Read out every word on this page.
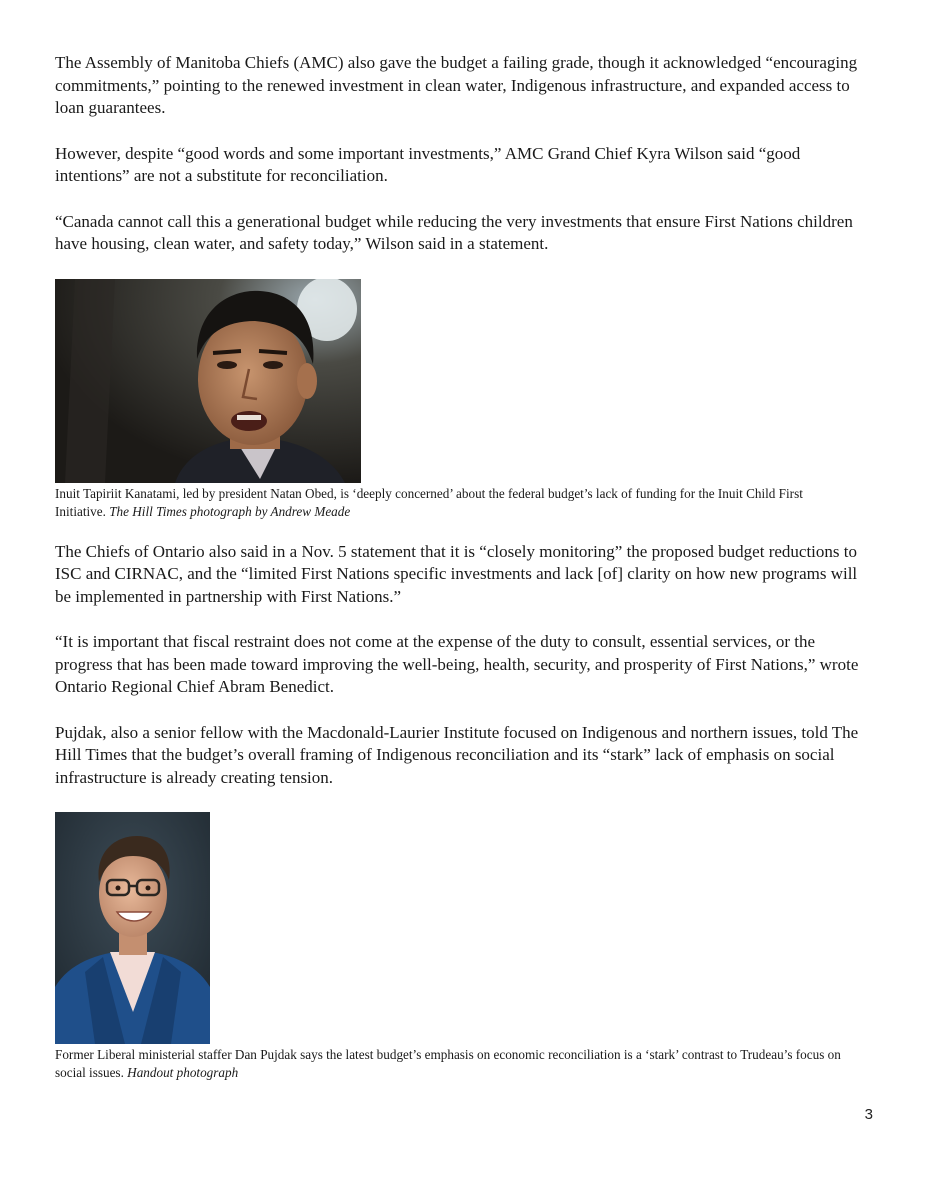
The Assembly of Manitoba Chiefs (AMC) also gave the budget a failing grade, though it acknowledged “encouraging commitments,” pointing to the renewed investment in clean water, Indigenous infrastructure, and expanded access to loan guarantees.

However, despite “good words and some important investments,” AMC Grand Chief Kyra Wilson said “good intentions” are not a substitute for reconciliation.

“Canada cannot call this a generational budget while reducing the very investments that ensure First Nations children have housing, clean water, and safety today,” Wilson said in a statement.

Inuit Tapiriit Kanatami, led by president Natan Obed, is ‘deeply concerned’ about the federal budget’s lack of funding for the Inuit Child First Initiative. The Hill Times photograph by Andrew Meade

The Chiefs of Ontario also said in a Nov. 5 statement that it is “closely monitoring” the proposed budget reductions to ISC and CIRNAC, and the “limited First Nations specific investments and lack [of] clarity on how new programs will be implemented in partnership with First Nations.”

“It is important that fiscal restraint does not come at the expense of the duty to consult, essential services, or the progress that has been made toward improving the well-being, health, security, and prosperity of First Nations,” wrote Ontario Regional Chief Abram Benedict.

Pujdak, also a senior fellow with the Macdonald-Laurier Institute focused on Indigenous and northern issues, told The Hill Times that the budget’s overall framing of Indigenous reconciliation and its “stark” lack of emphasis on social infrastructure is already creating tension.

Former Liberal ministerial staffer Dan Pujdak says the latest budget’s emphasis on economic reconciliation is a ‘stark’ contrast to Trudeau’s focus on social issues. Handout photograph

3
